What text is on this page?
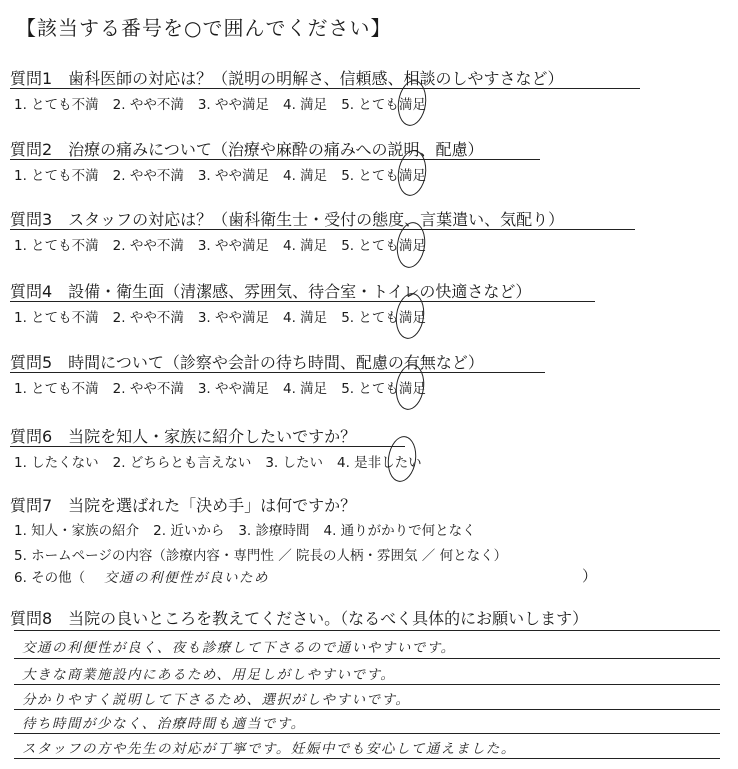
【該当する番号を○で囲んでください】
質問1　歯科医師の対応は？（説明の明解さ、信頼感、相談のしやすさなど）
1. とても不満 2. やや不満 3. やや満足 4. 満足 5. とても満足
質問2　治療の痛みについて（治療や麻酔の痛みへの説明、配慮）
1. とても不満 2. やや不満 3. やや満足 4. 満足 5. とても満足
質問3　スタッフの対応は？（歯科衛生士・受付の態度、言葉遣い、気配り）
1. とても不満 2. やや不満 3. やや満足 4. 満足 5. とても満足
質問4　設備・衛生面（清潔感、雰囲気、待合室・トイレの快適さなど）
1. とても不満 2. やや不満 3. やや満足 4. 満足 5. とても満足
質問5　時間について（診察や会計の待ち時間、配慮の有無など）
1. とても不満 2. やや不満 3. やや満足 4. 満足 5. とても満足
質問6　当院を知人・家族に紹介したいですか？
1. したくない 2. どちらとも言えない 3. したい 4. 是非したい
質問7　当院を選ばれた「決め手」は何ですか？
1. 知人・家族の紹介 2. 近いから 3. 診療時間 4. 通りがかりで何となく
5. ホームページの内容（診療内容・専門性 ／ 院長の人柄・雰囲気 ／ 何となく）
6. その他（ 交通の利便性が良いため	）
質問8　当院の良いところを教えてください。（なるべく具体的にお願いします）
交通の利便性が良く、夜も診療して下さるので通いやすいです。
大きな商業施設内にあるため、用足しがしやすいです。
分かりやすく説明して下さるため、選択がしやすいです。
待ち時間が少なく、治療時間も適当です。
スタッフの方や先生の対応が丁寧です。妊娠中でも安心して通えました。
